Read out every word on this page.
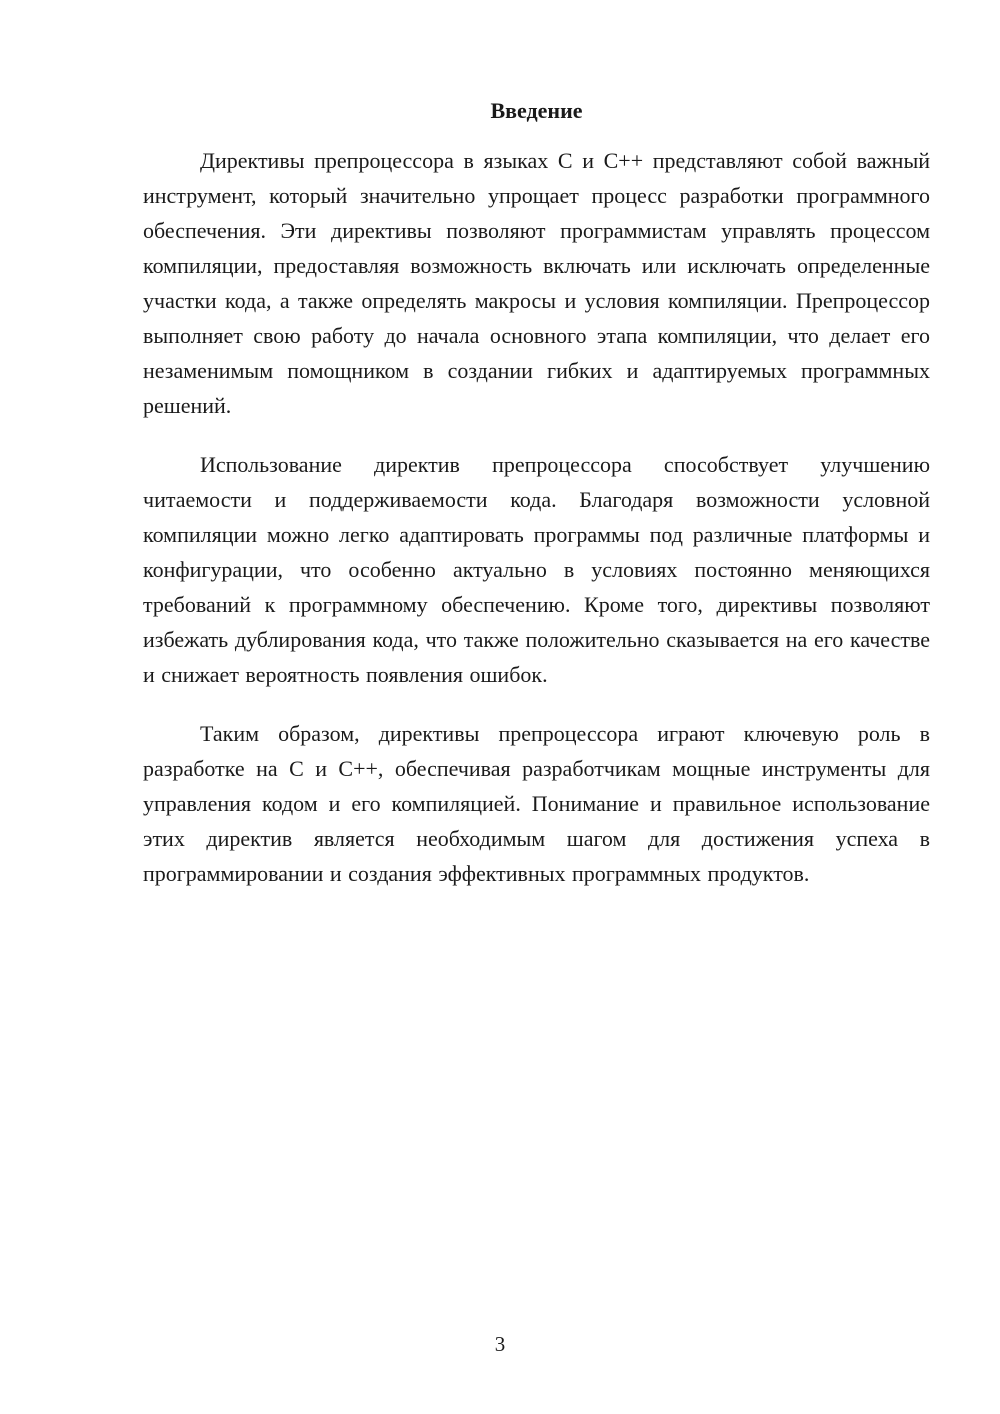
Введение

Директивы препроцессора в языках C и C++ представляют собой важный инструмент, который значительно упрощает процесс разработки программного обеспечения. Эти директивы позволяют программистам управлять процессом компиляции, предоставляя возможность включать или исключать определенные участки кода, а также определять макросы и условия компиляции. Препроцессор выполняет свою работу до начала основного этапа компиляции, что делает его незаменимым помощником в создании гибких и адаптируемых программных решений.

Использование директив препроцессора способствует улучшению читаемости и поддерживаемости кода. Благодаря возможности условной компиляции можно легко адаптировать программы под различные платформы и конфигурации, что особенно актуально в условиях постоянно меняющихся требований к программному обеспечению. Кроме того, директивы позволяют избежать дублирования кода, что также положительно сказывается на его качестве и снижает вероятность появления ошибок.

Таким образом, директивы препроцессора играют ключевую роль в разработке на C и C++, обеспечивая разработчикам мощные инструменты для управления кодом и его компиляцией. Понимание и правильное использование этих директив является необходимым шагом для достижения успеха в программировании и создания эффективных программных продуктов.

3
